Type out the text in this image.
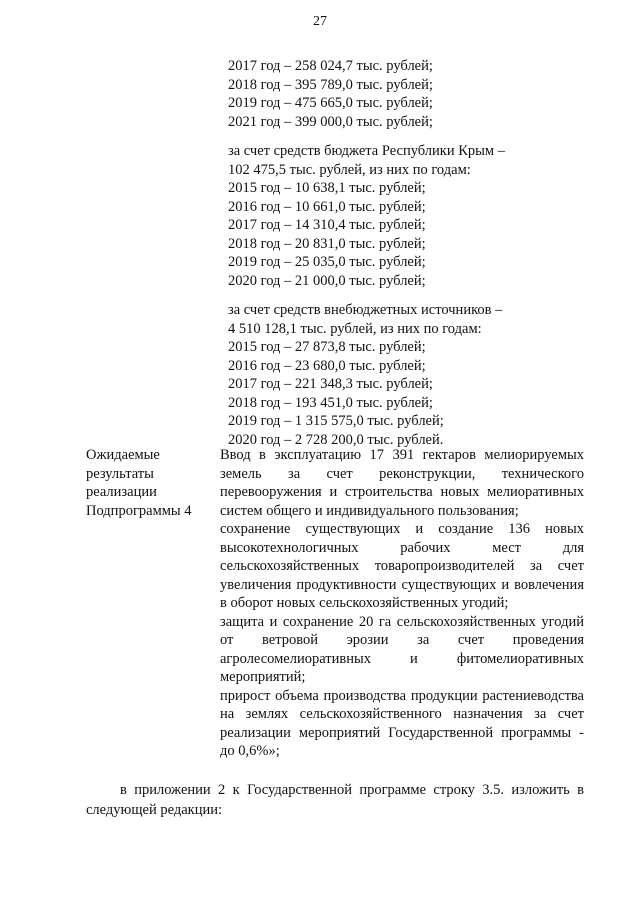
27
2017 год – 258 024,7 тыс. рублей;
2018 год – 395 789,0 тыс. рублей;
2019 год – 475 665,0 тыс. рублей;
2021 год – 399 000,0 тыс. рублей;
за счет средств бюджета Республики Крым –
102 475,5 тыс. рублей, из них по годам:
2015 год – 10 638,1 тыс. рублей;
2016 год – 10 661,0 тыс. рублей;
2017 год – 14 310,4 тыс. рублей;
2018 год – 20 831,0 тыс. рублей;
2019 год – 25 035,0 тыс. рублей;
2020 год – 21 000,0 тыс. рублей;
за счет средств внебюджетных источников –
4 510 128,1 тыс. рублей, из них по годам:
2015 год – 27 873,8 тыс. рублей;
2016 год – 23 680,0 тыс. рублей;
2017 год – 221 348,3 тыс. рублей;
2018 год – 193 451,0 тыс. рублей;
2019 год – 1 315 575,0 тыс. рублей;
2020 год – 2 728 200,0 тыс. рублей.
Ожидаемые результаты реализации Подпрограммы 4
Ввод в эксплуатацию 17 391 гектаров мелиорируемых земель за счет реконструкции, технического перевооружения и строительства новых мелиоративных систем общего и индивидуального пользования;
сохранение существующих и создание 136 новых высокотехнологичных рабочих мест для сельскохозяйственных товаропроизводителей за счет увеличения продуктивности существующих и вовлечения в оборот новых сельскохозяйственных угодий;
защита и сохранение 20 га сельскохозяйственных угодий от ветровой эрозии за счет проведения агролесомелиоративных и фитомелиоративных мероприятий;
прирост объема производства продукции растениеводства на землях сельскохозяйственного назначения за счет реализации мероприятий Государственной программы - до 0,6%»;
в приложении 2 к Государственной программе строку 3.5. изложить в следующей редакции:
